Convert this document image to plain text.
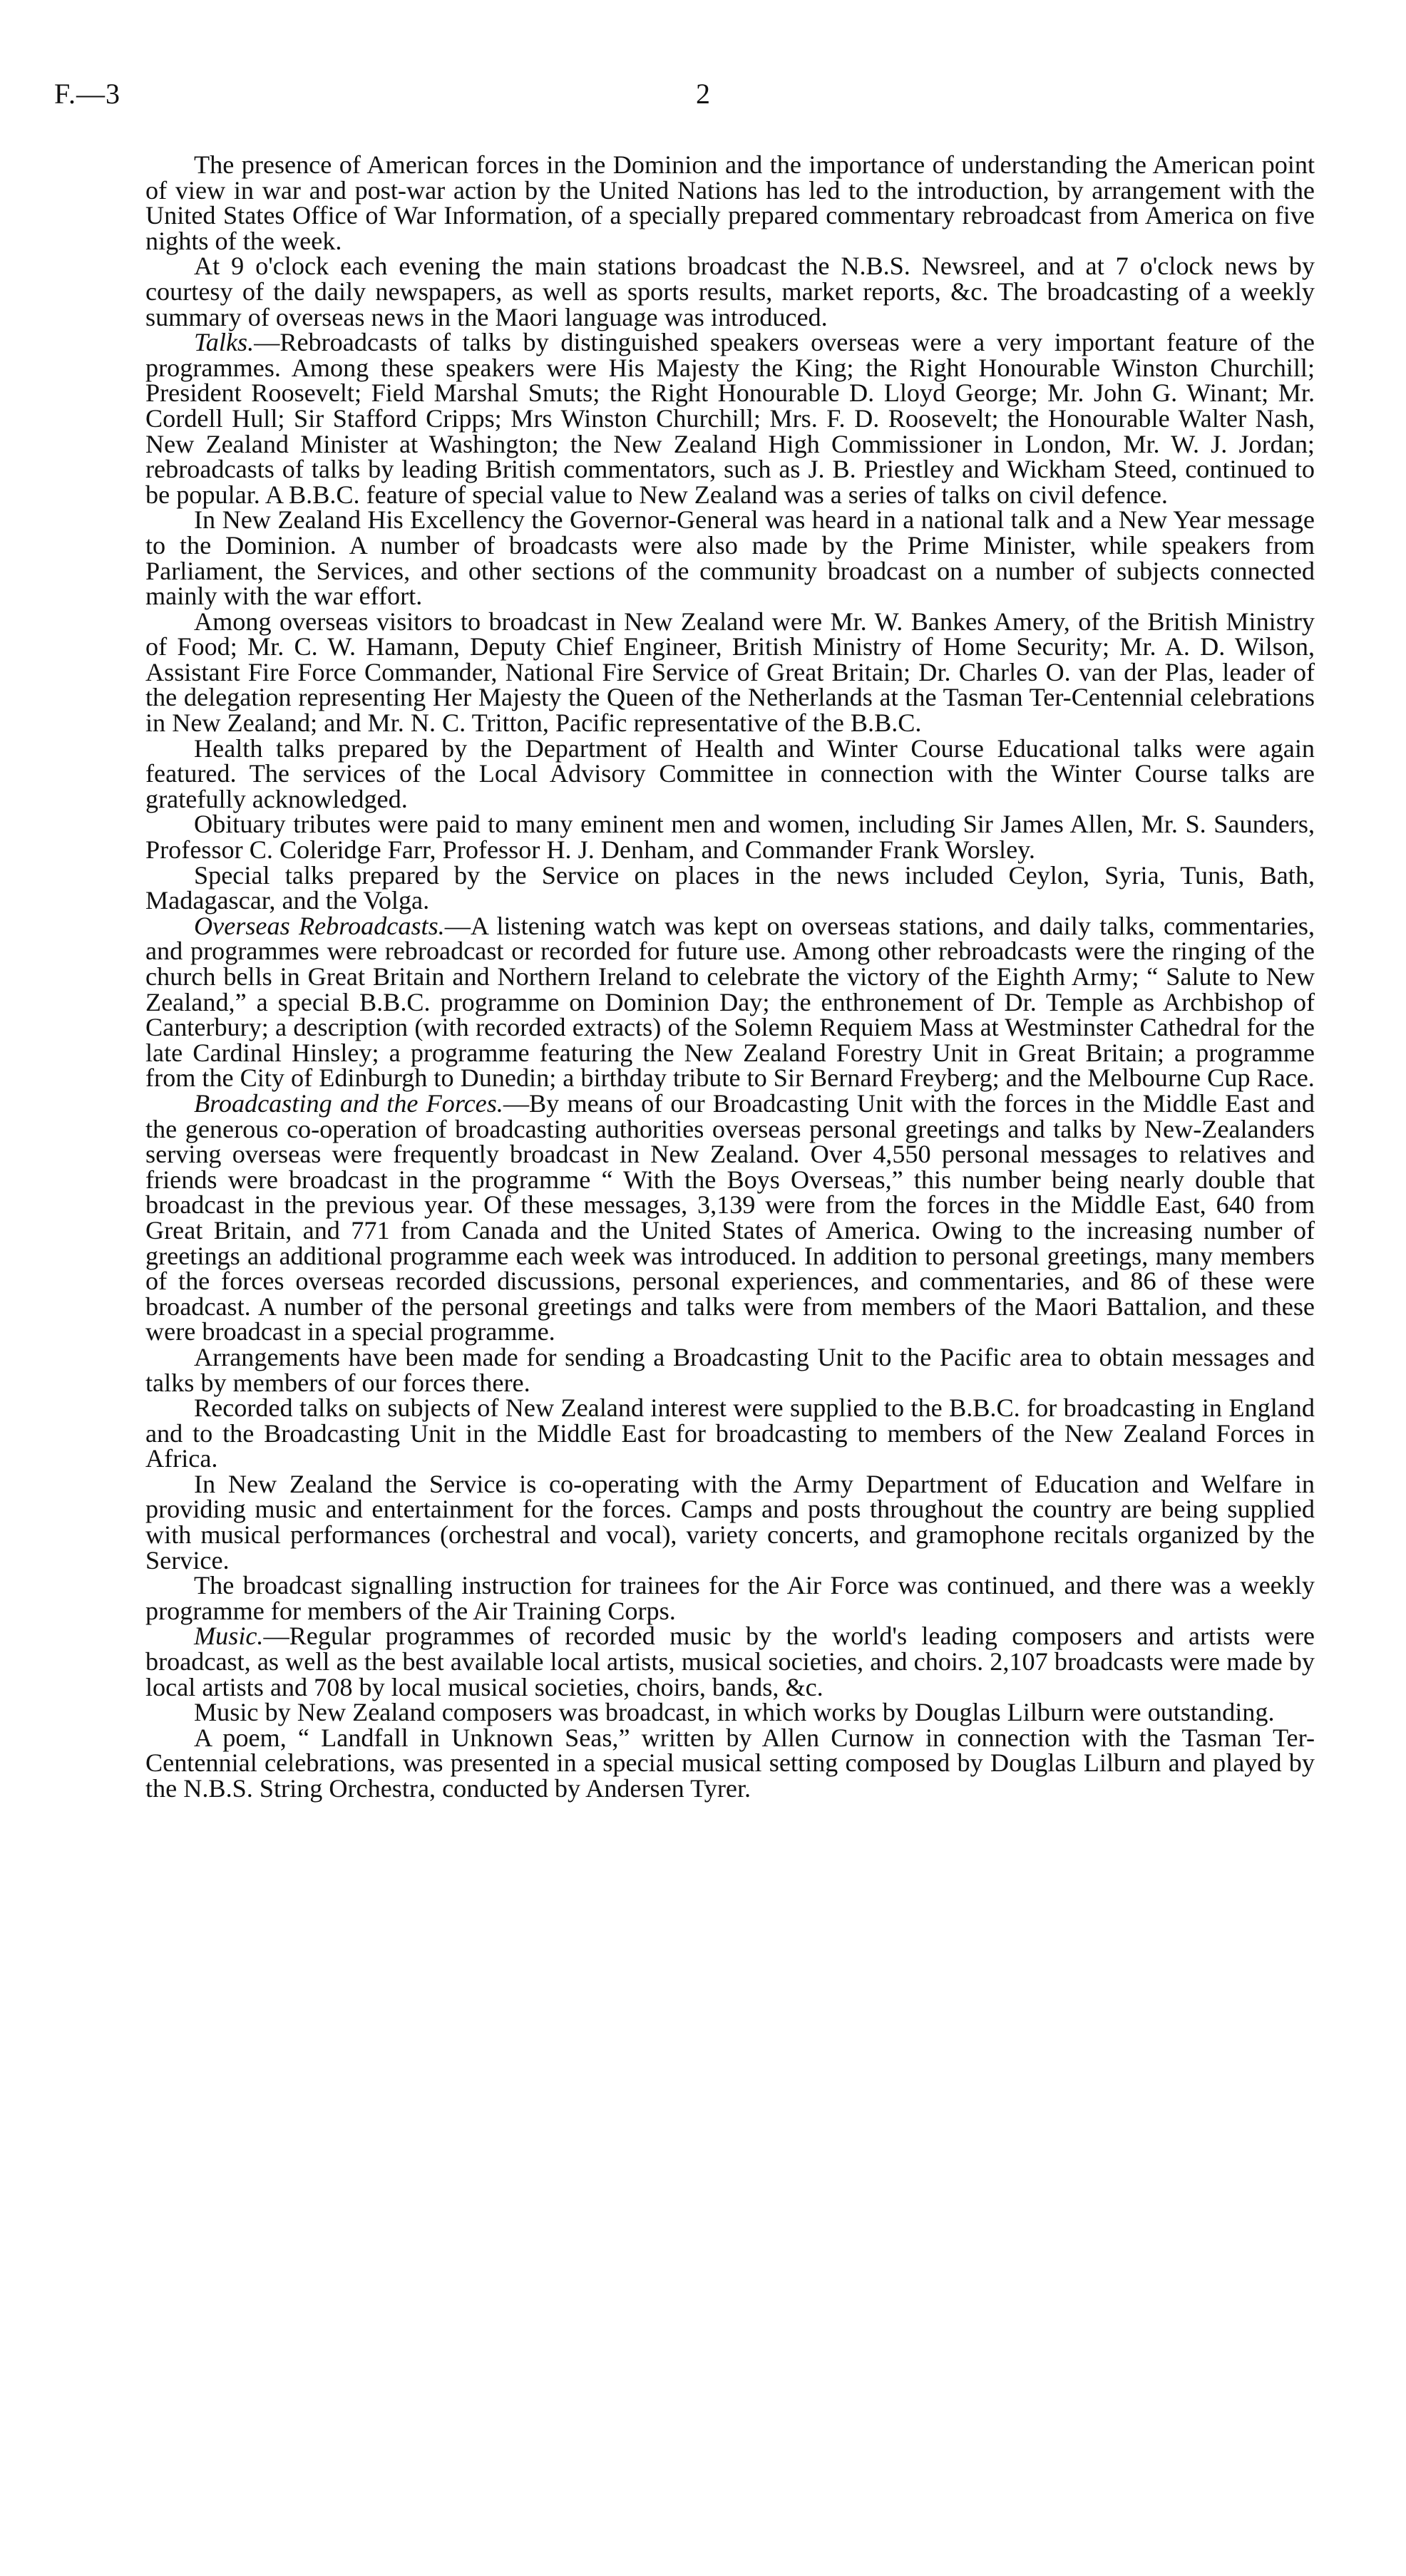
F.—3	2

The presence of American forces in the Dominion and the importance of understanding the American point of view in war and post-war action by the United Nations has led to the introduction, by arrangement with the United States Office of War Information, of a specially prepared commentary rebroadcast from America on five nights of the week.

At 9 o'clock each evening the main stations broadcast the N.B.S. Newsreel, and at 7 o'clock news by courtesy of the daily newspapers, as well as sports results, market reports, &c. The broadcasting of a weekly summary of overseas news in the Maori language was introduced.

Talks.—Rebroadcasts of talks by distinguished speakers overseas were a very important feature of the programmes. Among these speakers were His Majesty the King; the Right Honourable Winston Churchill; President Roosevelt; Field Marshal Smuts; the Right Honourable D. Lloyd George; Mr. John G. Winant; Mr. Cordell Hull; Sir Stafford Cripps; Mrs Winston Churchill; Mrs. F. D. Roosevelt; the Honourable Walter Nash, New Zealand Minister at Washington; the New Zealand High Commissioner in London, Mr. W. J. Jordan; rebroadcasts of talks by leading British commentators, such as J. B. Priestley and Wickham Steed, continued to be popular. A B.B.C. feature of special value to New Zealand was a series of talks on civil defence.

In New Zealand His Excellency the Governor-General was heard in a national talk and a New Year message to the Dominion. A number of broadcasts were also made by the Prime Minister, while speakers from Parliament, the Services, and other sections of the community broadcast on a number of subjects connected mainly with the war effort.

Among overseas visitors to broadcast in New Zealand were Mr. W. Bankes Amery, of the British Ministry of Food; Mr. C. W. Hamann, Deputy Chief Engineer, British Ministry of Home Security; Mr. A. D. Wilson, Assistant Fire Force Commander, National Fire Service of Great Britain; Dr. Charles O. van der Plas, leader of the delegation representing Her Majesty the Queen of the Netherlands at the Tasman Ter-Centennial celebrations in New Zealand; and Mr. N. C. Tritton, Pacific representative of the B.B.C.

Health talks prepared by the Department of Health and Winter Course Educational talks were again featured. The services of the Local Advisory Committee in connection with the Winter Course talks are gratefully acknowledged.

Obituary tributes were paid to many eminent men and women, including Sir James Allen, Mr. S. Saunders, Professor C. Coleridge Farr, Professor H. J. Denham, and Commander Frank Worsley.

Special talks prepared by the Service on places in the news included Ceylon, Syria, Tunis, Bath, Madagascar, and the Volga.

Overseas Rebroadcasts.—A listening watch was kept on overseas stations, and daily talks, commentaries, and programmes were rebroadcast or recorded for future use. Among other rebroadcasts were the ringing of the church bells in Great Britain and Northern Ireland to celebrate the victory of the Eighth Army; “ Salute to New Zealand,” a special B.B.C. programme on Dominion Day; the enthronement of Dr. Temple as Archbishop of Canterbury; a description (with recorded extracts) of the Solemn Requiem Mass at Westminster Cathedral for the late Cardinal Hinsley; a programme featuring the New Zealand Forestry Unit in Great Britain; a programme from the City of Edinburgh to Dunedin; a birthday tribute to Sir Bernard Freyberg; and the Melbourne Cup Race.

Broadcasting and the Forces.—By means of our Broadcasting Unit with the forces in the Middle East and the generous co-operation of broadcasting authorities overseas personal greetings and talks by New-Zealanders serving overseas were frequently broadcast in New Zealand. Over 4,550 personal messages to relatives and friends were broadcast in the programme “ With the Boys Overseas,” this number being nearly double that broadcast in the previous year. Of these messages, 3,139 were from the forces in the Middle East, 640 from Great Britain, and 771 from Canada and the United States of America. Owing to the increasing number of greetings an additional programme each week was introduced. In addition to personal greetings, many members of the forces overseas recorded discussions, personal experiences, and commentaries, and 86 of these were broadcast. A number of the personal greetings and talks were from members of the Maori Battalion, and these were broadcast in a special programme.

Arrangements have been made for sending a Broadcasting Unit to the Pacific area to obtain messages and talks by members of our forces there.

Recorded talks on subjects of New Zealand interest were supplied to the B.B.C. for broadcasting in England and to the Broadcasting Unit in the Middle East for broadcasting to members of the New Zealand Forces in Africa.

In New Zealand the Service is co-operating with the Army Department of Education and Welfare in providing music and entertainment for the forces. Camps and posts throughout the country are being supplied with musical performances (orchestral and vocal), variety concerts, and gramophone recitals organized by the Service.

The broadcast signalling instruction for trainees for the Air Force was continued, and there was a weekly programme for members of the Air Training Corps.

Music.—Regular programmes of recorded music by the world's leading composers and artists were broadcast, as well as the best available local artists, musical societies, and choirs. 2,107 broadcasts were made by local artists and 708 by local musical societies, choirs, bands, &c.

Music by New Zealand composers was broadcast, in which works by Douglas Lilburn were outstanding.

A poem, “ Landfall in Unknown Seas,” written by Allen Curnow in connection with the Tasman Ter-Centennial celebrations, was presented in a special musical setting composed by Douglas Lilburn and played by the N.B.S. String Orchestra, conducted by Andersen Tyrer.
